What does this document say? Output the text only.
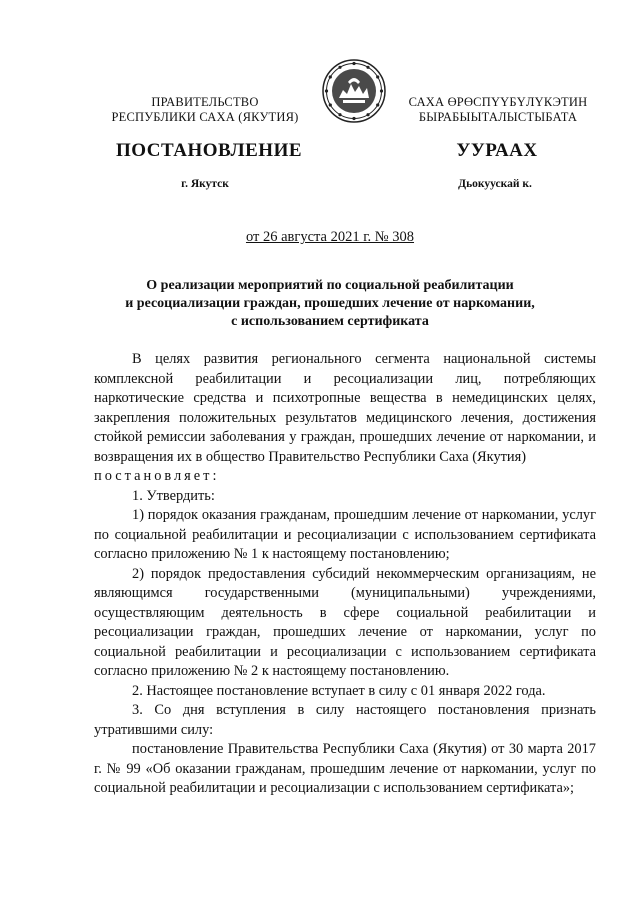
ПРАВИТЕЛЬСТВО
РЕСПУБЛИКИ САХА (ЯКУТИЯ)
САХА ӨРӨСПҮҮБҮЛҮКЭТИН
БЫРАБЫЫТАЛЫСТЫБАТА
ПОСТАНОВЛЕНИЕ	УУРААХ
г. Якутск	Дьокуускай к.
от 26 августа 2021 г. № 308
О реализации мероприятий по социальной реабилитации
и ресоциализации граждан, прошедших лечение от наркомании,
с использованием сертификата

В целях развития регионального сегмента национальной системы комплексной реабилитации и ресоциализации лиц, потребляющих наркотические средства и психотропные вещества в немедицинских целях, закрепления положительных результатов медицинского лечения, достижения стойкой ремиссии заболевания у граждан, прошедших лечение от наркомании, и возвращения их в общество Правительство Республики Саха (Якутия)

постановляет:

1. Утвердить:

1) порядок оказания гражданам, прошедшим лечение от наркомании, услуг по социальной реабилитации и ресоциализации с использованием сертификата согласно приложению № 1 к настоящему постановлению;

2) порядок предоставления субсидий некоммерческим организациям, не являющимся государственными (муниципальными) учреждениями, осуществляющим деятельность в сфере социальной реабилитации и ресоциализации граждан, прошедших лечение от наркомании, услуг по социальной реабилитации и ресоциализации с использованием сертификата согласно приложению № 2 к настоящему постановлению.

2. Настоящее постановление вступает в силу с 01 января 2022 года.

3. Со дня вступления в силу настоящего постановления признать утратившими силу:

постановление Правительства Республики Саха (Якутия) от 30 марта 2017 г. № 99 «Об оказании гражданам, прошедшим лечение от наркомании, услуг по социальной реабилитации и ресоциализации с использованием сертификата»;
